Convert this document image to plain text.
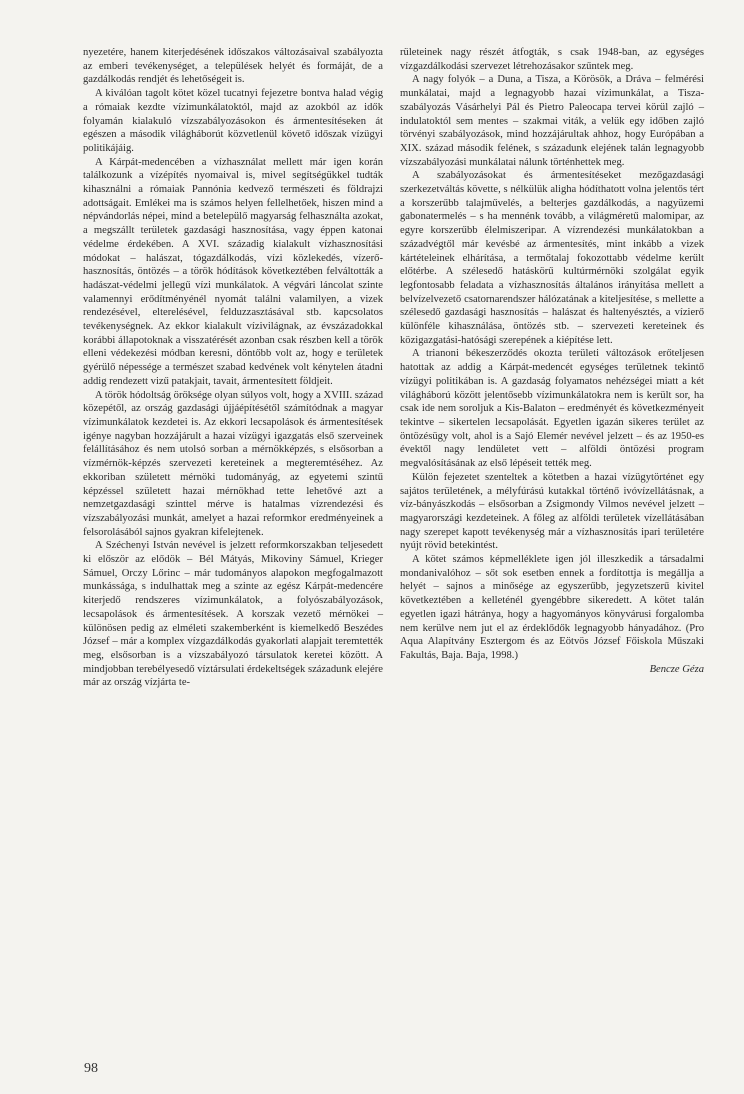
nyezetére, hanem kiterjedésének időszakos változásaival szabályozta az emberi tevékenységet, a települések helyét és formáját, de a gazdálkodás rendjét és lehetőségeit is.

A kiválóan tagolt kötet közel tucatnyi fejezetre bontva halad végig a rómaiak kezdte vízimunkálatoktól, majd az azokból az idők folyamán kialakuló vízszabályozásokon és ármentesítéseken át egészen a második világháborút közvetlenül követő időszak vízügyi politikájáig.

A Kárpát-medencében a vízhasználat mellett már igen korán találkozunk a vízépítés nyomaival is, mivel segítségükkel tudták kihasználni a rómaiak Pannónia kedvező természeti és földrajzi adottságait. Emlékei ma is számos helyen fellelhetőek, hiszen mind a népvándorlás népei, mind a betelepülő magyarság felhasználta azokat, a megszállt területek gazdasági hasznosítása, vagy éppen katonai védelme érdekében. A XVI. századig kialakult vízhasznosítási módokat – halászat, tógazdálkodás, vízi közlekedés, vízerő-hasznosítás, öntözés – a török hódítások következtében felváltották a hadászat-védelmi jellegű vízi munkálatok. A végvári láncolat szinte valamennyi erődítményénél nyomát találni valamilyen, a vizek rendezésével, elterelésével, felduzzasztásával stb. kapcsolatos tevékenységnek. Az ekkor kialakult vízivilágnak, az évszázadokkal korábbi állapotoknak a visszatérését azonban csak részben kell a török elleni védekezési módban keresni, döntőbb volt az, hogy e területek gyérülő népessége a természet szabad kedvének volt kénytelen átadni addig rendezett vizű patakjait, tavait, ármentesített földjeit.

A török hódoltság öröksége olyan súlyos volt, hogy a XVIII. század közepétől, az ország gazdasági újjáépítésétől számítódnak a magyar vízimunkálatok kezdetei is. Az ekkori lecsapolások és ármentesítések igénye nagyban hozzájárult a hazai vízügyi igazgatás első szerveinek felállításához és nem utolsó sorban a mérnökképzés, s elsősorban a vízmérnök-képzés szervezeti kereteinek a megteremtéséhez. Az ekkoriban született mérnöki tudományág, az egyetemi szintű képzéssel született hazai mérnökhad tette lehetővé azt a nemzetgazdasági szinttel mérve is hatalmas vízrendezési és vízszabályozási munkát, amelyet a hazai reformkor eredményeinek a felsorolásából sajnos gyakran kifelejtenek.

A Széchenyi István nevével is jelzett reformkorszakban teljesedett ki először az elődök – Bél Mátyás, Mikoviny Sámuel, Krieger Sámuel, Orczy Lőrinc – már tudományos alapokon megfogalmazott munkássága, s indulhattak meg a szinte az egész Kárpát-medencére kiterjedő rendszeres vízimunkálatok, a folyószabályozások, lecsapolások és ármentesítések. A korszak vezető mérnökei – különösen pedig az elméleti szakemberként is kiemelkedő Beszédes József – már a komplex vízgazdálkodás gyakorlati alapjait teremtették meg, elsősorban is a vízszabályozó társulatok keretei között. A mindjobban terebélyesedő víztársulati érdekeltségek századunk elejére már az ország vízjárta te-

rületeinek nagy részét átfogták, s csak 1948-ban, az egységes vízgazdálkodási szervezet létrehozásakor szűntek meg.

A nagy folyók – a Duna, a Tisza, a Körösök, a Dráva – felmérési munkálatai, majd a legnagyobb hazai vízimunkálat, a Tisza-szabályozás Vásárhelyi Pál és Pietro Paleocapa tervei körül zajló – indulatoktól sem mentes – szakmai viták, a velük egy időben zajló törvényi szabályozások, mind hozzájárultak ahhoz, hogy Európában a XIX. század második felének, s századunk elejének talán legnagyobb vízszabályozási munkálatai nálunk történhettek meg.

A szabályozásokat és ármentesítéseket mezőgazdasági szerkezetváltás követte, s nélkülük aligha hódíthatott volna jelentős tért a korszerűbb talajművelés, a belterjes gazdálkodás, a nagyüzemi gabonatermelés – s ha mennénk tovább, a világméretű malomipar, az egyre korszerűbb élelmiszeripar. A vízrendezési munkálatokban a századvégtől már kevésbé az ármentesítés, mint inkább a vizek kártételeinek elhárítása, a termőtalaj fokozottabb védelme került előtérbe. A szélesedő hatáskörű kultúrmérnöki szolgálat egyik legfontosabb feladata a vízhasznosítás általános irányítása mellett a belvízelvezető csatornarendszer hálózatának a kiteljesítése, s mellette a szélesedő gazdasági hasznosítás – halászat és haltenyésztés, a vízierő különféle kihasználása, öntözés stb. – szervezeti kereteinek és közigazgatási-hatósági szerepének a kiépítése lett.

A trianoni békeszerződés okozta területi változások erőteljesen hatottak az addig a Kárpát-medencét egységes területnek tekintő vízügyi politikában is. A gazdaság folyamatos nehézségei miatt a két világháború között jelentősebb vízimunkálatokra nem is került sor, ha csak ide nem soroljuk a Kis-Balaton – eredményét és következményeit tekintve – sikertelen lecsapolását. Egyetlen igazán sikeres terület az öntözésügy volt, ahol is a Sajó Elemér nevével jelzett – és az 1950-es évektől nagy lendületet vett – alföldi öntözési program megvalósításának az első lépéseit tették meg.

Külön fejezetet szenteltek a kötetben a hazai vízügytörténet egy sajátos területének, a mélyfúrású kutakkal történő ivóvízellátásnak, a víz-bányászkodás – elsősorban a Zsigmondy Vilmos nevével jelzett – magyarországi kezdeteinek. A főleg az alföldi területek vízellátásában nagy szerepet kapott tevékenység már a vízhasznosítás ipari területére nyújt rövid betekintést.

A kötet számos képmelléklete igen jól illeszkedik a társadalmi mondanivalóhoz – sőt sok esetben ennek a fordítottja is megállja a helyét – sajnos a minősége az egyszerűbb, jegyzetszerű kivitel következtében a kelleténél gyengébbre sikeredett. A kötet talán egyetlen igazi hátránya, hogy a hagyományos könyvárusi forgalomba nem kerülve nem jut el az érdeklődők legnagyobb hányadához. (Pro Aqua Alapítvány Esztergom és az Eötvös József Főiskola Műszaki Fakultás, Baja. Baja, 1998.)

Bencze Géza

98
